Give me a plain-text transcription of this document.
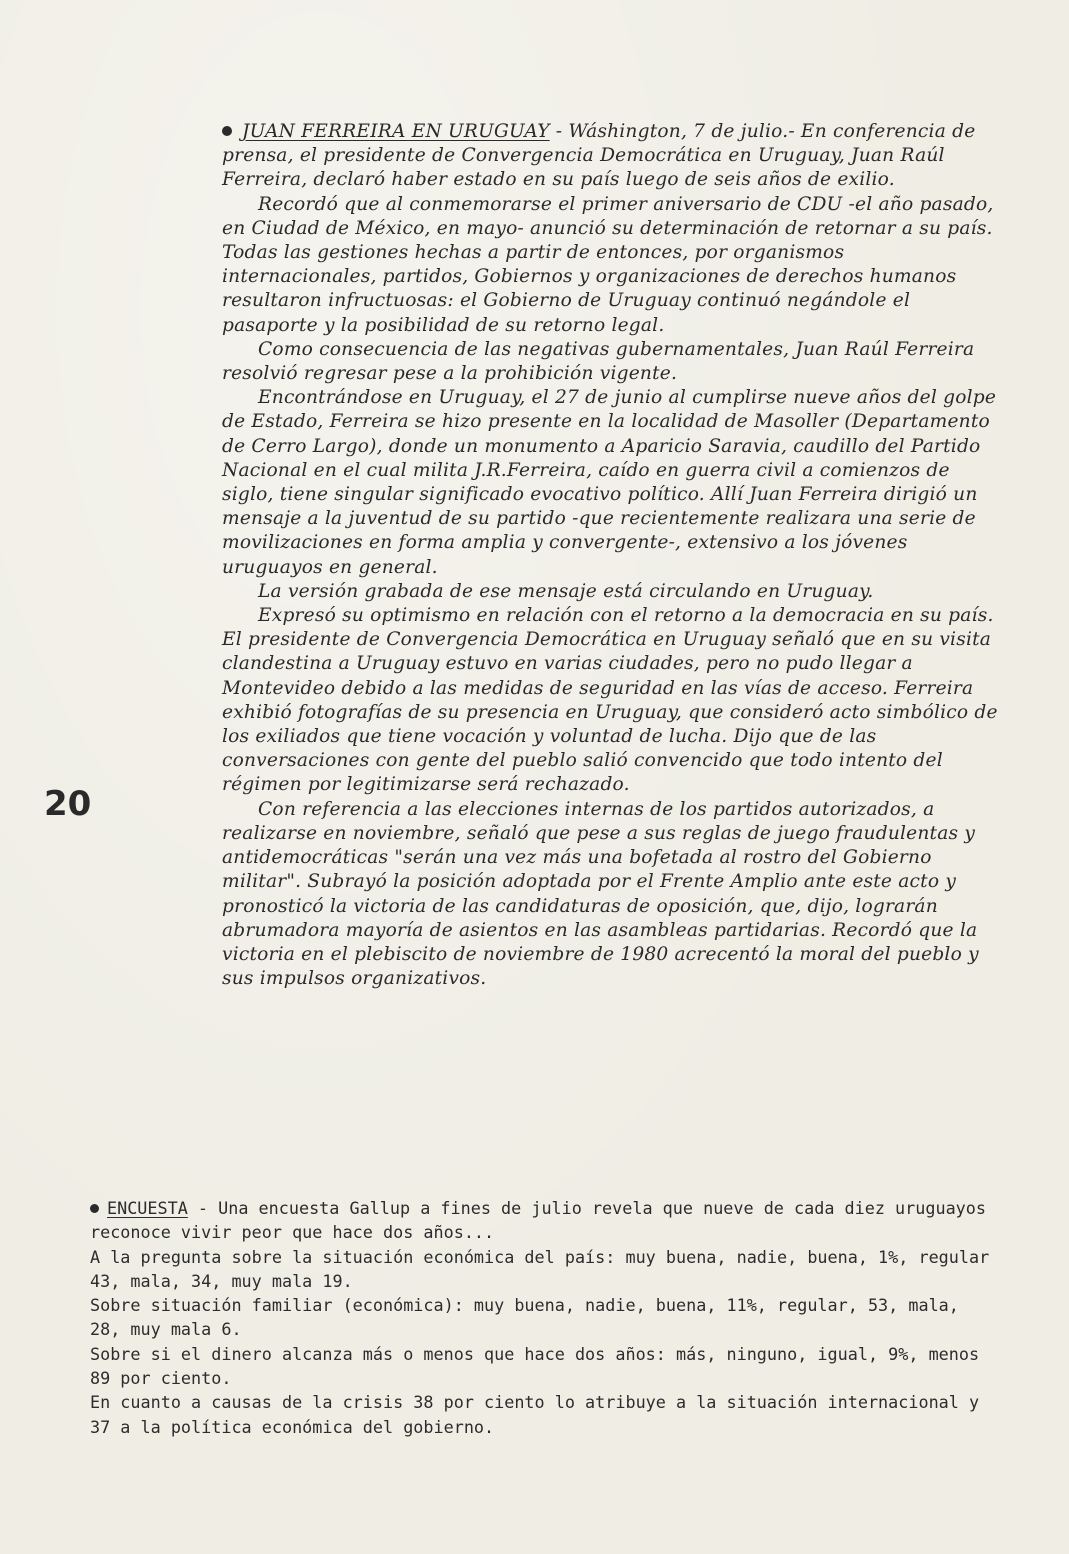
JUAN FERREIRA EN URUGUAY - Wáshington, 7 de julio.- En conferencia de prensa, el presidente de Convergencia Democrática en Uruguay, Juan Raúl Ferreira, declaró haber estado en su país luego de seis años de exilio.

Recordó que al conmemorarse el primer aniversario de CDU -el año pasado, en Ciudad de México, en mayo- anunció su determinación de retornar a su país. Todas las gestiones hechas a partir de entonces, por organismos internacionales, partidos, Gobiernos y organizaciones de derechos humanos resultaron infructuosas: el Gobierno de Uruguay continuó negándole el pasaporte y la posibilidad de su retorno legal.

Como consecuencia de las negativas gubernamentales, Juan Raúl Ferreira resolvió regresar pese a la prohibición vigente.

Encontrándose en Uruguay, el 27 de junio al cumplirse nueve años del golpe de Estado, Ferreira se hizo presente en la localidad de Masoller (Departamento de Cerro Largo), donde un monumento a Aparicio Saravia, caudillo del Partido Nacional en el cual milita J.R.Ferreira, caído en guerra civil a comienzos de siglo, tiene singular significado evocativo político. Allí Juan Ferreira dirigió un mensaje a la juventud de su partido -que recientemente realizara una serie de movilizaciones en forma amplia y convergente-, extensivo a los jóvenes uruguayos en general.

La versión grabada de ese mensaje está circulando en Uruguay.

Expresó su optimismo en relación con el retorno a la democracia en su país. El presidente de Convergencia Democrática en Uruguay señaló que en su visita clandestina a Uruguay estuvo en varias ciudades, pero no pudo llegar a Montevideo debido a las medidas de seguridad en las vías de acceso. Ferreira exhibió fotografías de su presencia en Uruguay, que consideró acto simbólico de los exiliados que tiene vocación y voluntad de lucha. Dijo que de las conversaciones con gente del pueblo salió convencido que todo intento del régimen por legitimizarse será rechazado.

Con referencia a las elecciones internas de los partidos autorizados, a realizarse en noviembre, señaló que pese a sus reglas de juego fraudulentas y antidemocráticas "serán una vez más una bofetada al rostro del Gobierno militar". Subrayó la posición adoptada por el Frente Amplio ante este acto y pronosticó la victoria de las candidaturas de oposición, que, dijo, lograrán abrumadora mayoría de asientos en las asambleas partidarias. Recordó que la victoria en el plebiscito de noviembre de 1980 acrecentó la moral del pueblo y sus impulsos organizativos.

20

ENCUESTA - Una encuesta Gallup a fines de julio revela que nueve de cada diez uruguayos reconoce vivir peor que hace dos años...

A la pregunta sobre la situación económica del país: muy buena, nadie, buena, 1%, regular 43, mala, 34, muy mala 19.

Sobre situación familiar (económica): muy buena, nadie, buena, 11%, regular, 53, mala, 28, muy mala 6.

Sobre si el dinero alcanza más o menos que hace dos años: más, ninguno, igual, 9%, menos 89 por ciento.

En cuanto a causas de la crisis 38 por ciento lo atribuye a la situación internacional y 37 a la política económica del gobierno.
